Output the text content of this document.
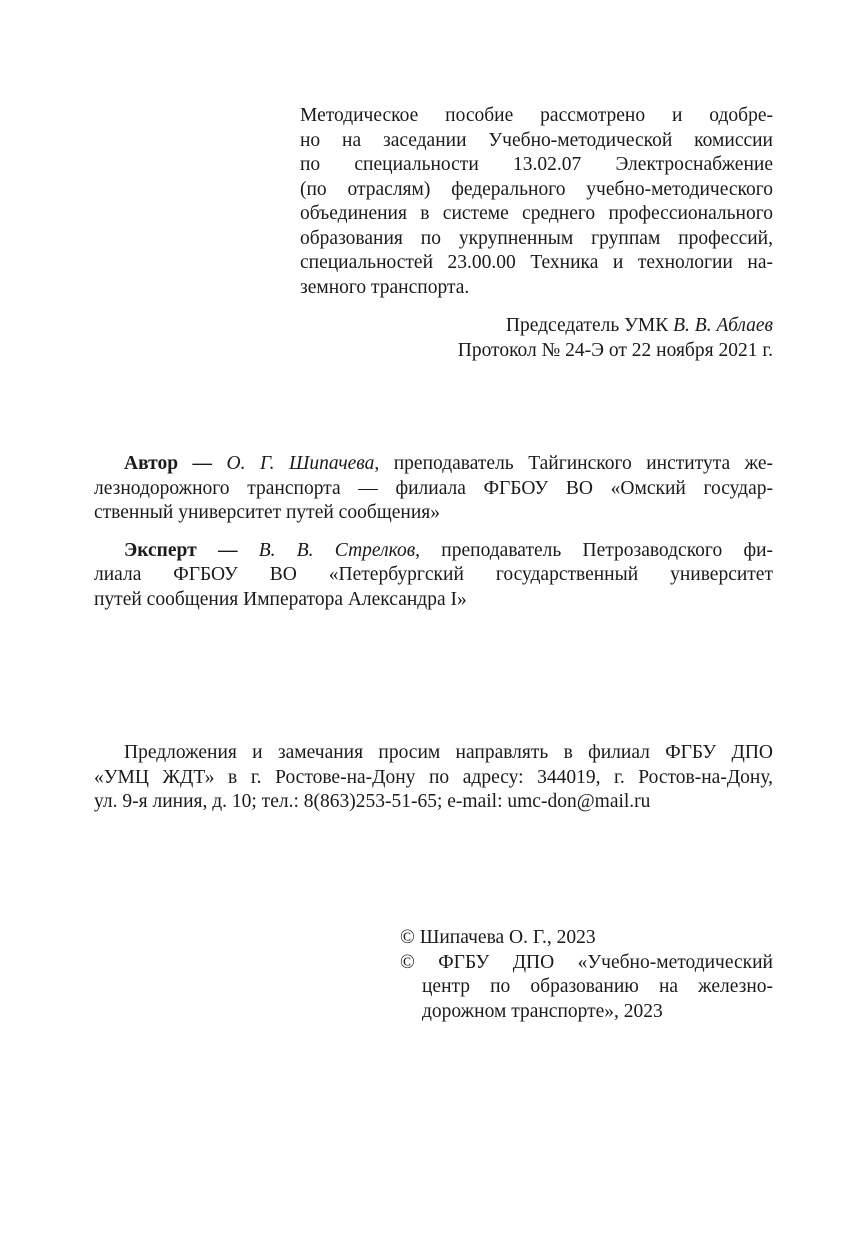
Методическое пособие рассмотрено и одобре-
но на заседании Учебно-методической комиссии
по специальности 13.02.07 Электроснабжение
(по отраслям) федерального учебно-методического
объединения в системе среднего профессионального
образования по укрупненным группам профессий,
специальностей 23.00.00 Техника и технологии на-
земного транспорта.
Председатель УМК В. В. Аблаев
Протокол № 24-Э от 22 ноября 2021 г.

Автор — О. Г. Шипачева, преподаватель Тайгинского института же-
лезнодорожного транспорта — филиала ФГБОУ ВО «Омский государ-
ственный университет путей сообщения»

Эксперт — В. В. Стрелков, преподаватель Петрозаводского фи-
лиала ФГБОУ ВО «Петербургский государственный университет
путей сообщения Императора Александра I»

Предложения и замечания просим направлять в филиал ФГБУ ДПО
«УМЦ ЖДТ» в г. Ростове-на-Дону по адресу: 344019, г. Ростов-на-Дону,
ул. 9-я линия, д. 10; тел.: 8(863)253-51-65; e-mail: umc-don@mail.ru
© Шипачева О. Г., 2023
© ФГБУ ДПО «Учебно-методический
центр по образованию на железно-
дорожном транспорте», 2023
